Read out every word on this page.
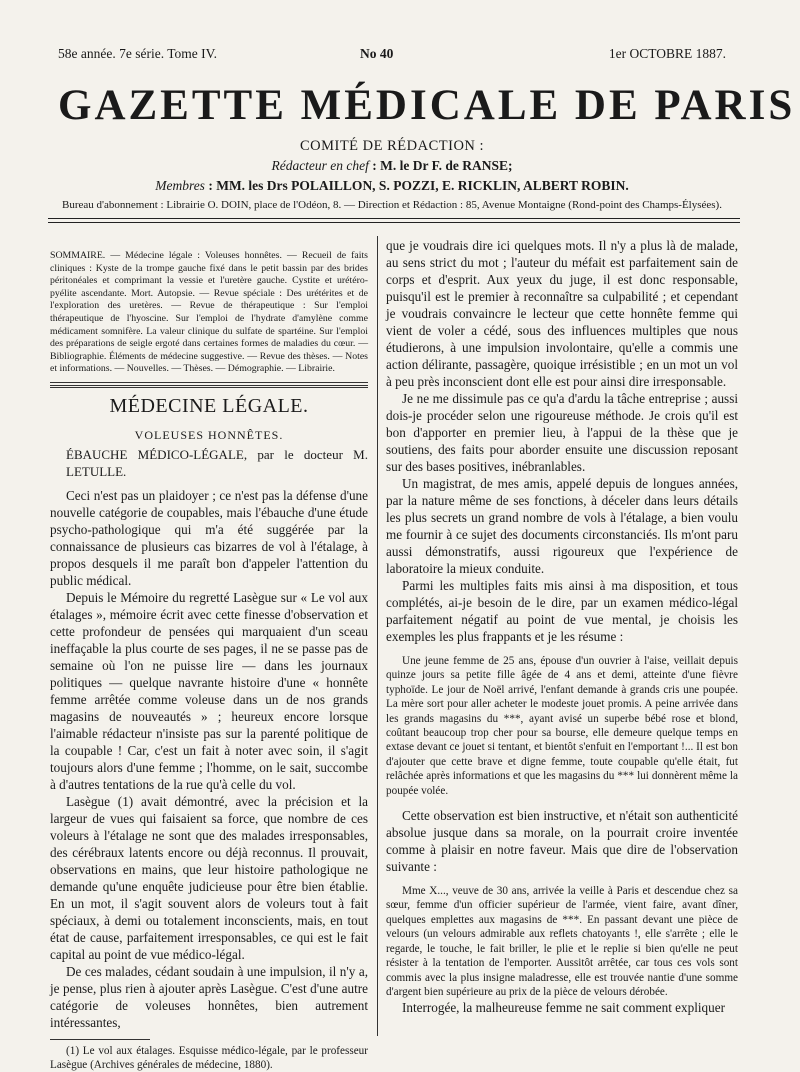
58e année. 7e série. Tome IV.	No 40	1er OCTOBRE 1887.
GAZETTE MÉDICALE DE PARIS
COMITÉ DE RÉDACTION :
Rédacteur en chef : M. le Dr F. de RANSE;
Membres : MM. les Drs POLAILLON, S. POZZI, E. RICKLIN, ALBERT ROBIN.
Bureau d'abonnement : Librairie O. DOIN, place de l'Odéon, 8. — Direction et Rédaction : 85, Avenue Montaigne (Rond-point des Champs-Élysées).

SOMMAIRE. — Médecine légale : Voleuses honnêtes. — Recueil de faits cliniques : Kyste de la trompe gauche fixé dans le petit bassin par des brides péritonéales et comprimant la vessie et l'uretère gauche. Cystite et urétéro-pyélite ascendante. Mort. Autopsie. — Revue spéciale : Des urétérites et de l'exploration des uretères. — Revue de thérapeutique : Sur l'emploi thérapeutique de l'hyoscine. Sur l'emploi de l'hydrate d'amylène comme médicament somnifère. La valeur clinique du sulfate de spartéine. Sur l'emploi des préparations de seigle ergoté dans certaines formes de maladies du cœur. — Bibliographie. Éléments de médecine suggestive. — Revue des thèses. — Notes et informations. — Nouvelles. — Thèses. — Démographie. — Librairie.

MÉDECINE LÉGALE.
VOLEUSES HONNÊTES.
ÉBAUCHE MÉDICO-LÉGALE, par le docteur M. LETULLE.

Ceci n'est pas un plaidoyer ; ce n'est pas la défense d'une nouvelle catégorie de coupables, mais l'ébauche d'une étude psycho-pathologique qui m'a été suggérée par la connaissance de plusieurs cas bizarres de vol à l'étalage, à propos desquels il me paraît bon d'appeler l'attention du public médical.

Depuis le Mémoire du regretté Lasègue sur « Le vol aux étalages », mémoire écrit avec cette finesse d'observation et cette profondeur de pensées qui marquaient d'un sceau ineffaçable la plus courte de ses pages, il ne se passe pas de semaine où l'on ne puisse lire — dans les journaux politiques — quelque navrante histoire d'une « honnête femme arrêtée comme voleuse dans un de nos grands magasins de nouveautés » ; heureux encore lorsque l'aimable rédacteur n'insiste pas sur la parenté politique de la coupable ! Car, c'est un fait à noter avec soin, il s'agit toujours alors d'une femme ; l'homme, on le sait, succombe à d'autres tentations de la rue qu'à celle du vol.

Lasègue (1) avait démontré, avec la précision et la largeur de vues qui faisaient sa force, que nombre de ces voleurs à l'étalage ne sont que des malades irresponsables, des cérébraux latents encore ou déjà reconnus. Il prouvait, observations en mains, que leur histoire pathologique ne demande qu'une enquête judicieuse pour être bien établie. En un mot, il s'agit souvent alors de voleurs tout à fait spéciaux, à demi ou totalement inconscients, mais, en tout état de cause, parfaitement irresponsables, ce qui est le fait capital au point de vue médico-légal.

De ces malades, cédant soudain à une impulsion, il n'y a, je pense, plus rien à ajouter après Lasègue. C'est d'une autre catégorie de voleuses honnêtes, bien autrement intéressantes,

(1) Le vol aux étalages. Esquisse médico-légale, par le professeur Lasègue (Archives générales de médecine, 1880).

que je voudrais dire ici quelques mots. Il n'y a plus là de malade, au sens strict du mot ; l'auteur du méfait est parfaitement sain de corps et d'esprit. Aux yeux du juge, il est donc responsable, puisqu'il est le premier à reconnaître sa culpabilité ; et cependant je voudrais convaincre le lecteur que cette honnête femme qui vient de voler a cédé, sous des influences multiples que nous étudierons, à une impulsion involontaire, qu'elle a commis une action délirante, passagère, quoique irrésistible ; en un mot un vol à peu près inconscient dont elle est pour ainsi dire irresponsable.

Je ne me dissimule pas ce qu'a d'ardu la tâche entreprise ; aussi dois-je procéder selon une rigoureuse méthode. Je crois qu'il est bon d'apporter en premier lieu, à l'appui de la thèse que je soutiens, des faits pour aborder ensuite une discussion reposant sur des bases positives, inébranlables.

Un magistrat, de mes amis, appelé depuis de longues années, par la nature même de ses fonctions, à déceler dans leurs détails les plus secrets un grand nombre de vols à l'étalage, a bien voulu me fournir à ce sujet des documents circonstanciés. Ils m'ont paru aussi démonstratifs, aussi rigoureux que l'expérience de laboratoire la mieux conduite.

Parmi les multiples faits mis ainsi à ma disposition, et tous complétés, ai-je besoin de le dire, par un examen médico-légal parfaitement négatif au point de vue mental, je choisis les exemples les plus frappants et je les résume :

Une jeune femme de 25 ans, épouse d'un ouvrier à l'aise, veillait depuis quinze jours sa petite fille âgée de 4 ans et demi, atteinte d'une fièvre typhoïde. Le jour de Noël arrivé, l'enfant demande à grands cris une poupée. La mère sort pour aller acheter le modeste jouet promis. A peine arrivée dans les grands magasins du ***, ayant avisé un superbe bébé rose et blond, coûtant beaucoup trop cher pour sa bourse, elle demeure quelque temps en extase devant ce jouet si tentant, et bientôt s'enfuit en l'emportant !... Il est bon d'ajouter que cette brave et digne femme, toute coupable qu'elle était, fut relâchée après informations et que les magasins du *** lui donnèrent même la poupée volée.

Cette observation est bien instructive, et n'était son authenticité absolue jusque dans sa morale, on la pourrait croire inventée comme à plaisir en notre faveur. Mais que dire de l'observation suivante :

Mme X..., veuve de 30 ans, arrivée la veille à Paris et descendue chez sa sœur, femme d'un officier supérieur de l'armée, vient faire, avant dîner, quelques emplettes aux magasins de ***. En passant devant une pièce de velours (un velours admirable aux reflets chatoyants !, elle s'arrête ; elle le regarde, le touche, le fait briller, le plie et le replie si bien qu'elle ne peut résister à la tentation de l'emporter. Aussitôt arrêtée, car tous ces vols sont commis avec la plus insigne maladresse, elle est trouvée nantie d'une somme d'argent bien supérieure au prix de la pièce de velours dérobée.

Interrogée, la malheureuse femme ne sait comment expliquer
